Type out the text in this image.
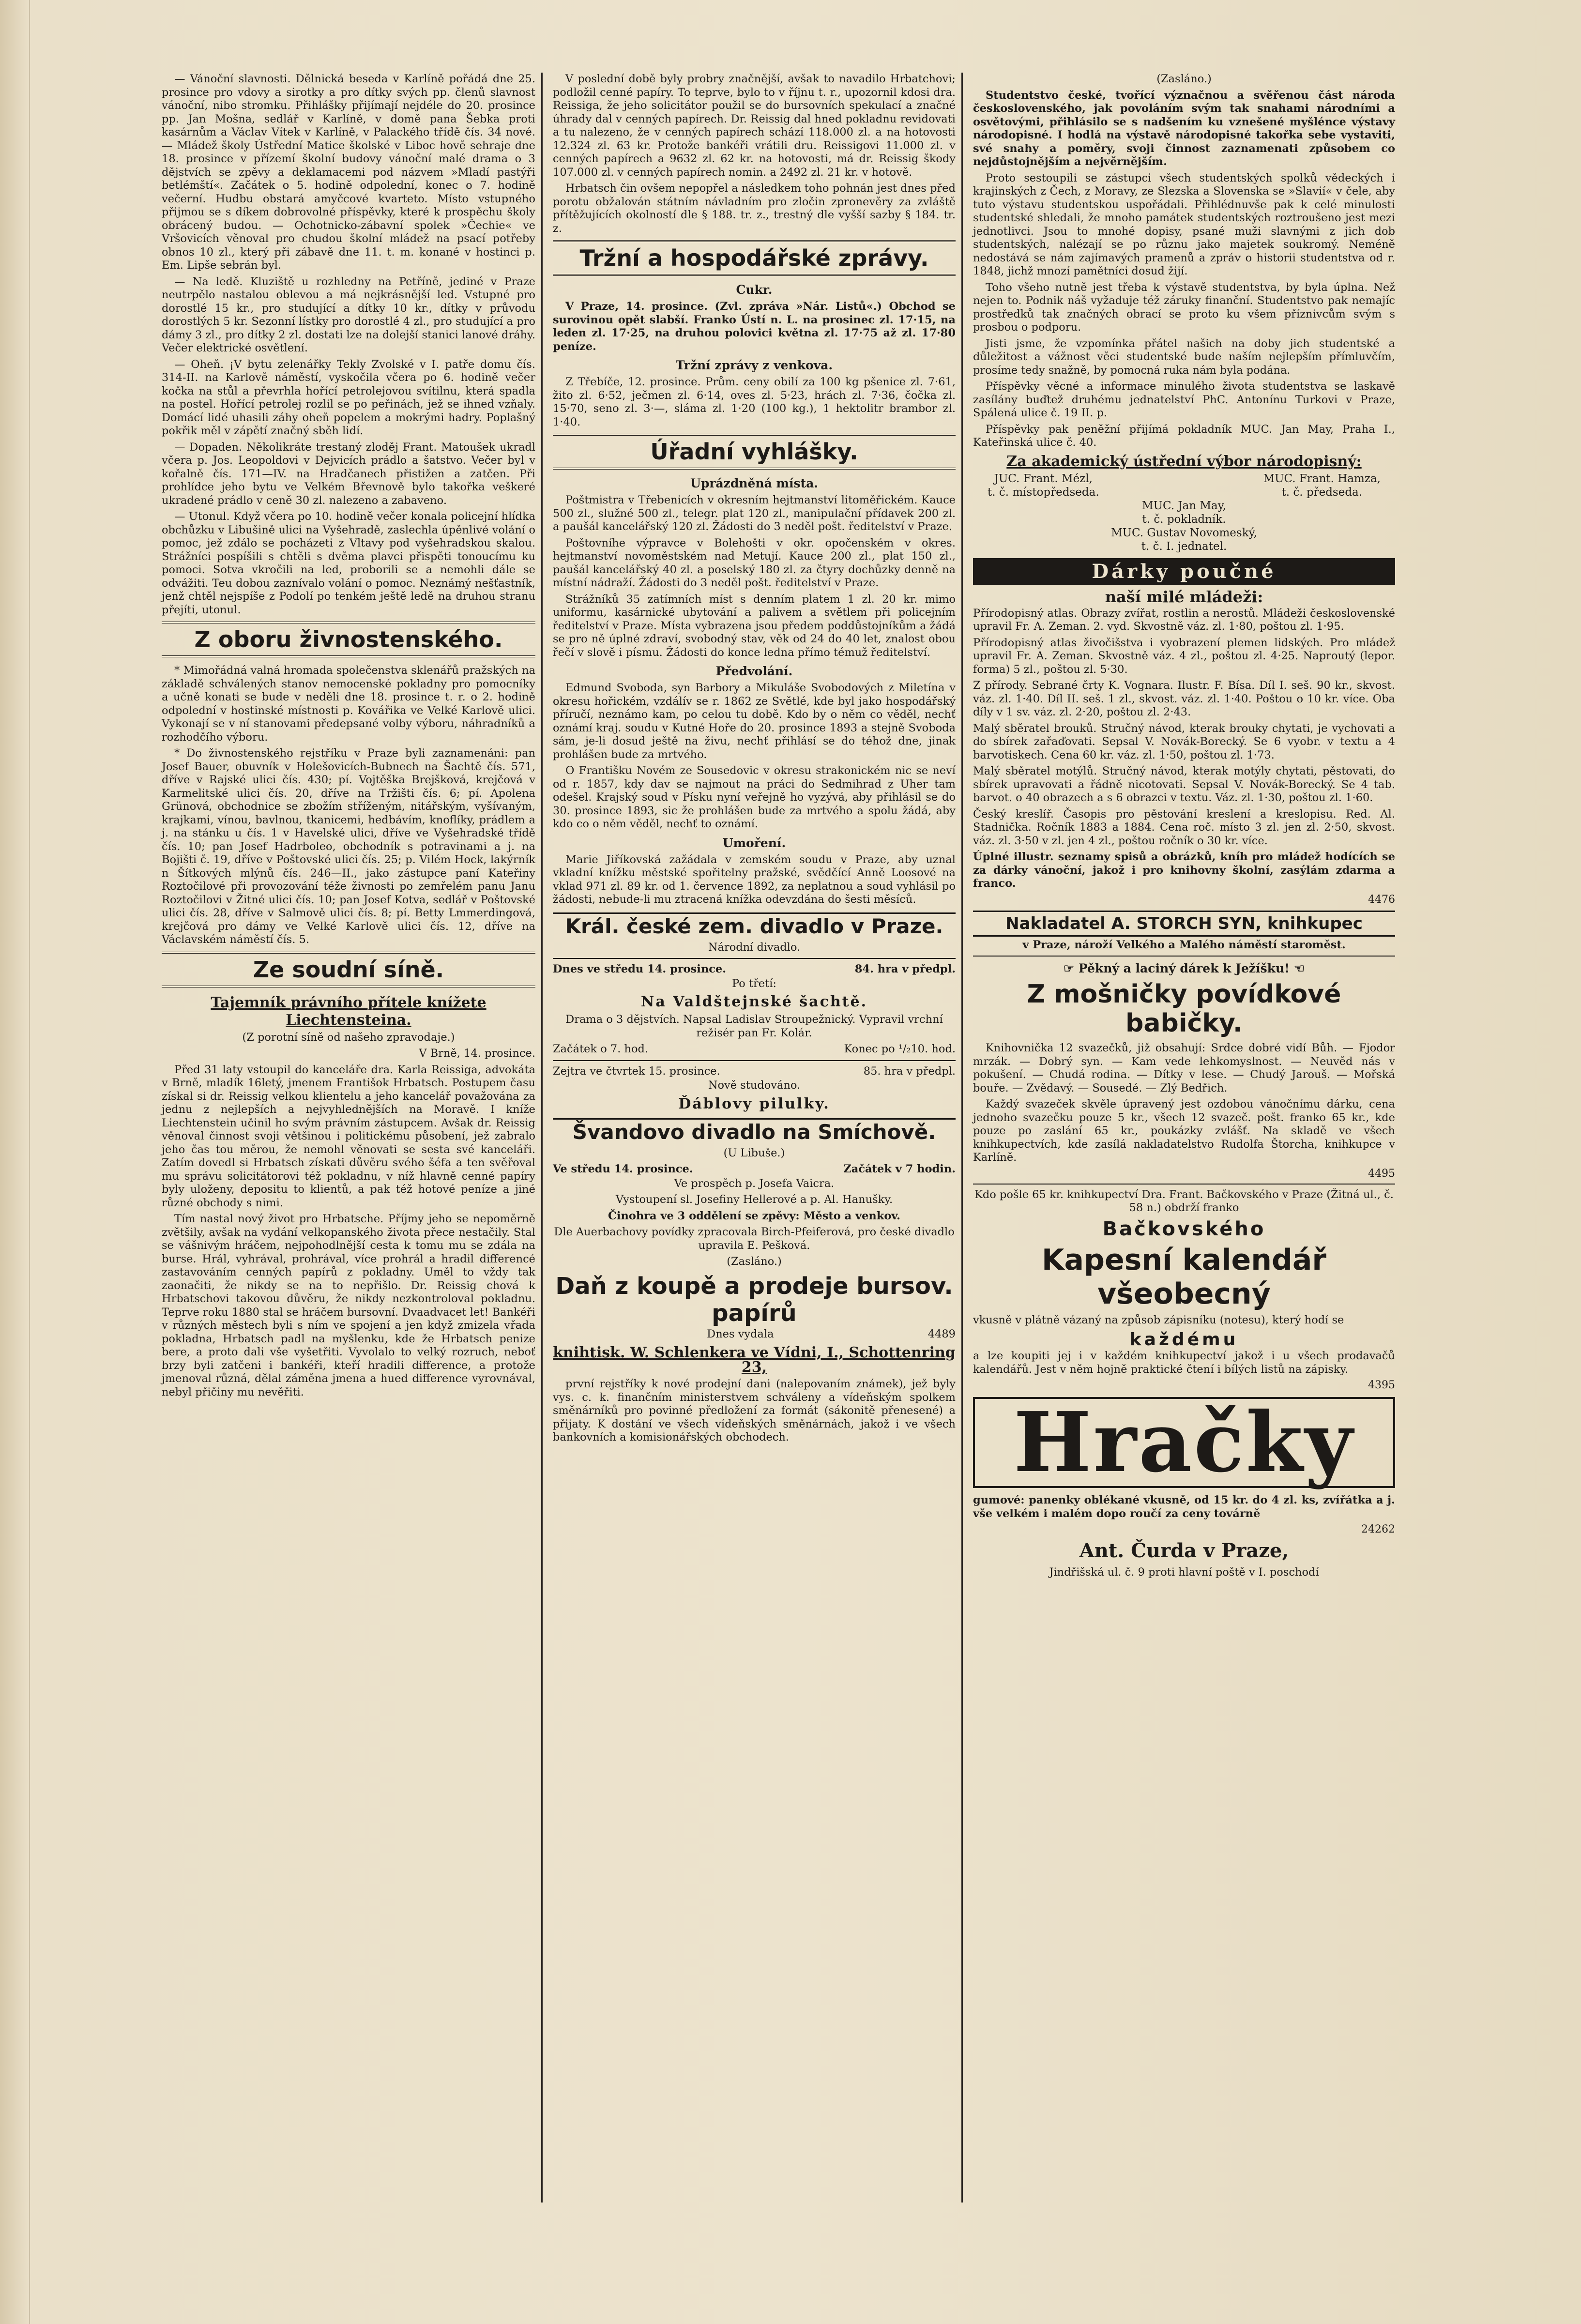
— Vánoční slavnosti. Dělnická beseda v Karlíně pořádá dne 25. prosince pro vdovy a sirotky a pro dítky svých pp. členů slavnost vánoční, nibo stromku. Přihlášky přijímají nejdéle do 20. prosince pp. Jan Mošna, sedlář v Karlíně, v domě pana Šebka proti kasárnům a Václav Vítek v Karlíně, v Palackého třídě čís. 34 nové. — Mládež školy Ústřední Matice školské v Liboc hově sehraje dne 18. prosince v přízemí školní budovy vánoční malé drama o 3 dějstvích se zpěvy a deklamacemi pod názvem »Mladí pastýři betlémští«. Začátek o 5. hodině odpolední, konec o 7. hodině večerní. Hudbu obstará amyčcové kvarteto. Místo vstupného přijmou se s díkem dobrovolné příspěvky, které k prospěchu školy obrácený budou. — Ochotnicko-zábavní spolek »Čechie« ve Vršovicích věnoval pro chudou školní mládež na psací potřeby obnos 10 zl., který při zábavě dne 11. t. m. konané v hostinci p. Em. Lipše sebrán byl.

— Na ledě. Kluziště u rozhledny na Petříně, jediné v Praze neutrpělo nastalou oblevou a má nejkrásnější led. Vstupné pro dorostlé 15 kr., pro studující a dítky 10 kr., dítky v průvodu dorostlých 5 kr. Sezonní lístky pro dorostlé 4 zl., pro studující a pro dámy 3 zl., pro dítky 2 zl. dostati lze na dolejší stanici lanové dráhy. Večer elektrické osvětlení.

— Oheň. ¡V bytu zelenářky Tekly Zvolské v I. patře domu čís. 314-II. na Karlově náměstí, vyskočila včera po 6. hodině večer kočka na stůl a převrhla hořící petrolejovou svítilnu, která spadla na postel. Hořící petrolej rozlil se po peřinách, jež se ihned vzňaly. Domácí lidé uhasili záhy oheň popelem a mokrými hadry. Poplašný pokřik měl v zápětí značný sběh lidí.

— Dopaden. Několikráte trestaný zloděj Frant. Matoušek ukradl včera p. Jos. Leopoldovi v Dejvicích prádlo a šatstvo. Večer byl v kořalně čís. 171—IV. na Hradčanech přistižen a zatčen. Při prohlídce jeho bytu ve Velkém Břevnově bylo takořka veškeré ukradené prádlo v ceně 30 zl. nalezeno a zabaveno.

— Utonul. Když včera po 10. hodině večer konala policejní hlídka obchůzku v Libušině ulici na Vyšehradě, zaslechla úpěnlivé volání o pomoc, jež zdálo se pocházeti z Vltavy pod vyšehradskou skalou. Strážníci pospíšili s chtěli s dvěma plavci přispěti tonoucímu ku pomoci. Sotva vkročili na led, proborili se a nemohli dále se odvážiti. Teu dobou zaznívalo volání o pomoc. Neznámý nešťastník, jenž chtěl nejspíše z Podolí po tenkém ještě ledě na druhou stranu přejíti, utonul.

Z oboru živnostenského.

* Mimořádná valná hromada společenstva sklenářů pražských na základě schválených stanov nemocenské pokladny pro pomocníky a učně konati se bude v neděli dne 18. prosince t. r. o 2. hodině odpolední v hostinské místnosti p. Kovářika ve Velké Karlově ulici. Vykonají se v ní stanovami předepsané volby výboru, náhradníků a rozhodčího výboru.

* Do živnostenského rejstříku v Praze byli zaznamenáni: pan Josef Bauer, obuvník v Holešovicích-Bubnech na Šachtě čís. 571, dříve v Rajské ulici čís. 430; pí. Vojtěška Brejšková, krejčová v Karmelitské ulici čís. 20, dříve na Tržišti čís. 6; pí. Apolena Grünová, obchodnice se zbožím stříženým, nitářským, vyšívaným, krajkami, vínou, bavlnou, tkanicemi, hedbávím, knoflíky, prádlem a j. na stánku u čís. 1 v Havelské ulici, dříve ve Vyšehradské třídě čís. 10; pan Josef Hadrboleo, obchodník s potravinami a j. na Bojišti č. 19, dříve v Poštovské ulici čís. 25; p. Vilém Hock, lakýrník n Šítkových mlýnů čís. 246—II., jako zástupce paní Kateřiny Roztočilové při provozování téže živnosti po zemřelém panu Janu Roztočilovi v Žitné ulici čís. 10; pan Josef Kotva, sedlář v Poštovské ulici čís. 28, dříve v Salmově ulici čís. 8; pí. Betty Lmmerdingová, krejčová pro dámy ve Velké Karlově ulici čís. 12, dříve na Václavském náměstí čís. 5.

Ze soudní síně.
Tajemník právního přítele knížete Liechtensteina.

(Z porotní síně od našeho zpravodaje.)

V Brně, 14. prosince.

Před 31 laty vstoupil do kanceláře dra. Karla Reissiga, advokáta v Brně, mladík 16letý, jmenem Františok Hrbatsch. Postupem času získal si dr. Reissig velkou klientelu a jeho kancelář považována za jednu z nejlepších a nejvyhlednějších na Moravě. I kníže Liechtenstein učinil ho svým právním zástupcem. Avšak dr. Reissig věnoval činnost svoji většinou i politickému působení, jež zabralo jeho čas tou měrou, že nemohl věnovati se sesta své kanceláři. Zatím dovedl si Hrbatsch získati důvěru svého šéfa a ten svěřoval mu správu solicitátorovi též pokladnu, v níž hlavně cenné papíry byly uloženy, depositu to klientů, a pak též hotové peníze a jiné různé obchody s nimi.

Tím nastal nový život pro Hrbatsche. Příjmy jeho se nepoměrně zvětšily, avšak na vydání velkopanského života přece nestačily. Stal se vášnivým hráčem, nejpohodlnější cesta k tomu mu se zdála na burse. Hrál, vyhrával, prohrával, více prohrál a hradil differencé zastavováním cenných papírů z pokladny. Uměl to vždy tak zaonačiti, že nikdy se na to nepřišlo. Dr. Reissig chová k Hrbatschovi takovou důvěru, že nikdy nezkontroloval pokladnu. Teprve roku 1880 stal se hráčem bursovní. Dvaadvacet let! Bankéři v různých městech byli s ním ve spojení a jen když zmizela vřada pokladna, Hrbatsch padl na myšlenku, kde že Hrbatsch penize bere, a proto dali vše vyšetřiti. Vyvolalo to velký rozruch, neboť brzy byli zatčeni i bankéři, kteří hradili difference, a protože jmenoval různá, dělal záměna jmena a hued difference vyrovnával, nebyl přičiny mu nevěřiti.

V poslední době byly probry značnější, avšak to navadilo Hrbatchovi; podložil cenné papíry. To teprve, bylo to v říjnu t. r., upozornil kdosi dra. Reissiga, že jeho solicitátor použil se do bursovních spekulací a značné úhrady dal v cenných papírech. Dr. Reissig dal hned pokladnu revidovati a tu nalezeno, že v cenných papírech schází 118.000 zl. a na hotovosti 12.324 zl. 63 kr. Protože bankéři vrátili dru. Reissigovi 11.000 zl. v cenných papírech a 9632 zl. 62 kr. na hotovosti, má dr. Reissig škody 107.000 zl. v cenných papírech nomin. a 2492 zl. 21 kr. v hotově.

Hrbatsch čin ovšem nepopřel a následkem toho pohnán jest dnes před porotu obžalován státním návladním pro zločin zpronevěry za zvláště přítěžujících okolností dle § 188. tr. z., trestný dle vyšší sazby § 184. tr. z.

Tržní a hospodářské zprávy.
Cukr.

V Praze, 14. prosince. (Zvl. zpráva »Nár. Listů«.) Obchod se surovinou opět slabší. Franko Ústí n. L. na prosinec zl. 17·15, na leden zl. 17·25, na druhou polovici května zl. 17·75 až zl. 17·80 peníze.

Tržní zprávy z venkova.

Z Třebíče, 12. prosince. Prům. ceny obilí za 100 kg pšenice zl. 7·61, žito zl. 6·52, ječmen zl. 6·14, oves zl. 5·23, hrách zl. 7·36, čočka zl. 15·70, seno zl. 3·—, sláma zl. 1·20 (100 kg.), 1 hektolitr brambor zl. 1·40.

Úřadní vyhlášky.
Uprázdněná místa.

Poštmistra v Třebenicích v okresním hejtmanství litoměřickém. Kauce 500 zl., služné 500 zl., telegr. plat 120 zl., manipulační přídavek 200 zl. a paušál kancelářský 120 zl. Žádosti do 3 neděl pošt. ředitelství v Praze.

Poštovníhe výpravce v Bolehošti v okr. opočenském v okres. hejtmanství novoměstském nad Metují. Kauce 200 zl., plat 150 zl., paušál kancelářský 40 zl. a poselský 180 zl. za čtyry dochůzky denně na místní nádraží. Žádosti do 3 neděl pošt. ředitelství v Praze.

Strážníků 35 zatímních míst s denním platem 1 zl. 20 kr. mimo uniformu, kasárnické ubytování a palivem a světlem při policejním ředitelství v Praze. Místa vybrazena jsou předem poddůstojníkům a žádá se pro ně úplné zdraví, svobodný stav, věk od 24 do 40 let, znalost obou řečí v slově i písmu. Žádosti do konce ledna přímo témuž ředitelství.

Předvolání.

Edmund Svoboda, syn Barbory a Mikuláše Svobodových z Miletína v okresu hořickém, vzdálív se r. 1862 ze Světlé, kde byl jako hospodářský příručí, neznámo kam, po celou tu době. Kdo by o něm co věděl, nechť oznámí kraj. soudu v Kutné Hoře do 20. prosince 1893 a stejně Svoboda sám, je-li dosud ještě na živu, nechť přihlásí se do téhož dne, jinak prohlášen bude za mrtvého.

O Františku Novém ze Sousedovic v okresu strakonickém nic se neví od r. 1857, kdy dav se najmout na práci do Sedmihrad z Uher tam odešel. Krajský soud v Písku nyní veřejně ho vyzývá, aby přihlásil se do 30. prosince 1893, sic že prohlášen bude za mrtvého a spolu žádá, aby kdo co o něm věděl, nechť to oznámí.

Umoření.

Marie Jiříkovská zažádala v zemském soudu v Praze, aby uznal vkladní knížku městské spořitelny pražské, svědčící Anně Loosové na vklad 971 zl. 89 kr. od 1. července 1892, za neplatnou a soud vyhlásil po žádosti, nebude-li mu ztracená knížka odevzdána do šesti měsíců.

Král. české zem. divadlo v Praze.

Národní divadlo.

Dnes ve středu 14. prosince.	84. hra v předpl.

Po třetí:

Na Valdštejnské šachtě.

Drama o 3 dějstvích. Napsal Ladislav Stroupežnický. Vypravil vrchní režisér pan Fr. Kolár.

Začátek o 7. hod.	Konec po ¹/₂10. hod.
Zejtra ve čtvrtek 15. prosince.	85. hra v předpl.

Nově studováno.

Ďáblovy pilulky.
Švandovo divadlo na Smíchově.

(U Libuše.)

Ve středu 14. prosince.	Začátek v 7 hodin.

Ve prospěch p. Josefa Vaicra.

Vystoupení sl. Josefiny Hellerové a p. Al. Hanušky.

Činohra ve 3 oddělení se zpěvy: Město a venkov.

Dle Auerbachovy povídky zpracovala Birch-Pfeiferová, pro české divadlo upravila E. Pešková.

(Zasláno.)

Daň z koupě a prodeje bursov. papírů
Dnes vydala	4489
knihtisk. W. Schlenkera ve Vídni, I., Schottenring 23,

první rejstříky k nové prodejní dani (nalepovaním známek), jež byly vys. c. k. finančním ministerstvem schváleny a vídeňským spolkem směnárníků pro povinné předložení za formát (sákonitě přenesené) a přijaty. K dostání ve všech vídeňských směnárnách, jakož i ve všech bankovních a komisionářských obchodech.

(Zasláno.)

Studentstvo české, tvořící význačnou a svěřenou část národa československého, jak povoláním svým tak snahami národními a osvětovými, přihlásilo se s nadšením ku vznešené myšlénce výstavy národopisné. I hodlá na výstavě národopisné takořka sebe vystaviti, své snahy a poměry, svoji činnost zaznamenati způsobem co nejdůstojnějším a nejvěrnějším.

Proto sestoupili se zástupci všech studentských spolků vědeckých i krajinských z Čech, z Moravy, ze Slezska a Slovenska se »Slavií« v čele, aby tuto výstavu studentskou uspořádali. Přihlédnuvše pak k celé minulosti studentské shledali, že mnoho památek studentských roztroušeno jest mezi jednotlivci. Jsou to mnohé dopisy, psané muži slavnými z jich dob studentských, nalézají se po různu jako majetek soukromý. Neméně nedostává se nám zajímavých pramenů a zpráv o historii studentstva od r. 1848, jichž mnozí pamětníci dosud žijí.

Toho všeho nutně jest třeba k výstavě studentstva, by byla úplna. Než nejen to. Podnik náš vyžaduje též záruky finanční. Studentstvo pak nemajíc prostředků tak značných obrací se proto ku všem příznivcům svým s prosbou o podporu.

Jisti jsme, že vzpomínka přátel našich na doby jich studentské a důležitost a vážnost věci studentské bude naším nejlepším přímluvčím, prosíme tedy snažně, by pomocná ruka nám byla podána.

Příspěvky věcné a informace minulého života studentstva se laskavě zasílány buďtež druhému jednatelství PhC. Antonínu Turkovi v Praze, Spálená ulice č. 19 II. p.

Příspěvky pak peněžní přijímá pokladník MUC. Jan May, Praha I., Kateřinská ulice č. 40.

Za akademický ústřední výbor národopisný:
JUC. Frant. Mézl,
t. č. místopředseda.
MUC. Frant. Hamza,
t. č. předseda.
MUC. Jan May,
t. č. pokladník.
MUC. Gustav Novomeský,
t. č. I. jednatel.
Dárky poučné
naší milé mládeži:

Přírodopisný atlas. Obrazy zvířat, rostlin a nerostů. Mládeži československé upravil Fr. A. Zeman. 2. vyd. Skvostně váz. zl. 1·80, poštou zl. 1·95.

Přírodopisný atlas živočišstva i vyobrazení plemen lidských. Pro mládež upravil Fr. A. Zeman. Skvostně váz. 4 zl., poštou zl. 4·25. Naproutý (lepor. forma) 5 zl., poštou zl. 5·30.

Z přírody. Sebrané črty K. Vognara. Ilustr. F. Bísa. Díl I. seš. 90 kr., skvost. váz. zl. 1·40. Díl II. seš. 1 zl., skvost. váz. zl. 1·40. Poštou o 10 kr. více. Oba díly v 1 sv. váz. zl. 2·20, poštou zl. 2·43.

Malý sběratel brouků. Stručný návod, kterak brouky chytati, je vychovati a do sbírek zařaďovati. Sepsal V. Novák-Borecký. Se 6 vyobr. v textu a 4 barvotiskech. Cena 60 kr. váz. zl. 1·50, poštou zl. 1·73.

Malý sběratel motýlů. Stručný návod, kterak motýly chytati, pěstovati, do sbírek upravovati a řádně nicotovati. Sepsal V. Novák-Borecký. Se 4 tab. barvot. o 40 obrazech a s 6 obrazci v textu. Váz. zl. 1·30, poštou zl. 1·60.

Český kreslíř. Časopis pro pěstování kreslení a kreslopisu. Red. Al. Stadnička. Ročník 1883 a 1884. Cena roč. místo 3 zl. jen zl. 2·50, skvost. váz. zl. 3·50 v zl. jen 4 zl., poštou ročník o 30 kr. více.

Úplné illustr. seznamy spisů a obrázků, kníh pro mládež hodících se za dárky vánoční, jakož i pro knihovny školní, zasýlám zdarma a franco.

4476
Nakladatel A. STORCH SYN, knihkupec

v Praze, nároží Velkého a Malého náměstí staroměst.

☞ Pěkný a laciný dárek k Ježíšku! ☜
Z mošničky povídkové babičky.

Knihovnička 12 svazečků, již obsahují: Srdce dobré vidí Bůh. — Fjodor mrzák. — Dobrý syn. — Kam vede lehkomyslnost. — Neuvěd nás v pokušení. — Chudá rodina. — Dítky v lese. — Chudý Jarouš. — Mořská bouře. — Zvědavý. — Sousedé. — Zlý Bedřich.

Každý svazeček skvěle úpravený jest ozdobou vánočnímu dárku, cena jednoho svazečku pouze 5 kr., všech 12 svazeč. pošt. franko 65 kr., kde pouze po zaslání 65 kr., poukázky zvlášť. Na skladě ve všech knihkupectvích, kde zasílá nakladatelstvo Rudolfa Štorcha, knihkupce v Karlíně.

4495

Kdo pošle 65 kr. knihkupectví Dra. Frant. Bačkovského v Praze (Žitná ul., č. 58 n.) obdrží franko

Bačkovského
Kapesní kalendář všeobecný

vkusně v plátně vázaný na způsob zápisníku (notesu), který hodí se

každému

a lze koupiti jej i v každém knihkupectví jakož i u všech prodavačů kalendářů. Jest v něm hojně praktické čtení i bílých listů na zápisky.

4395
Hračky

gumové: panenky oblékané vkusně, od 15 kr. do 4 zl. ks, zvířátka a j. vše velkém i malém dopo roučí za ceny továrně

24262
Ant. Čurda v Praze,

Jindřišská ul. č. 9 proti hlavní poště v I. poschodí
